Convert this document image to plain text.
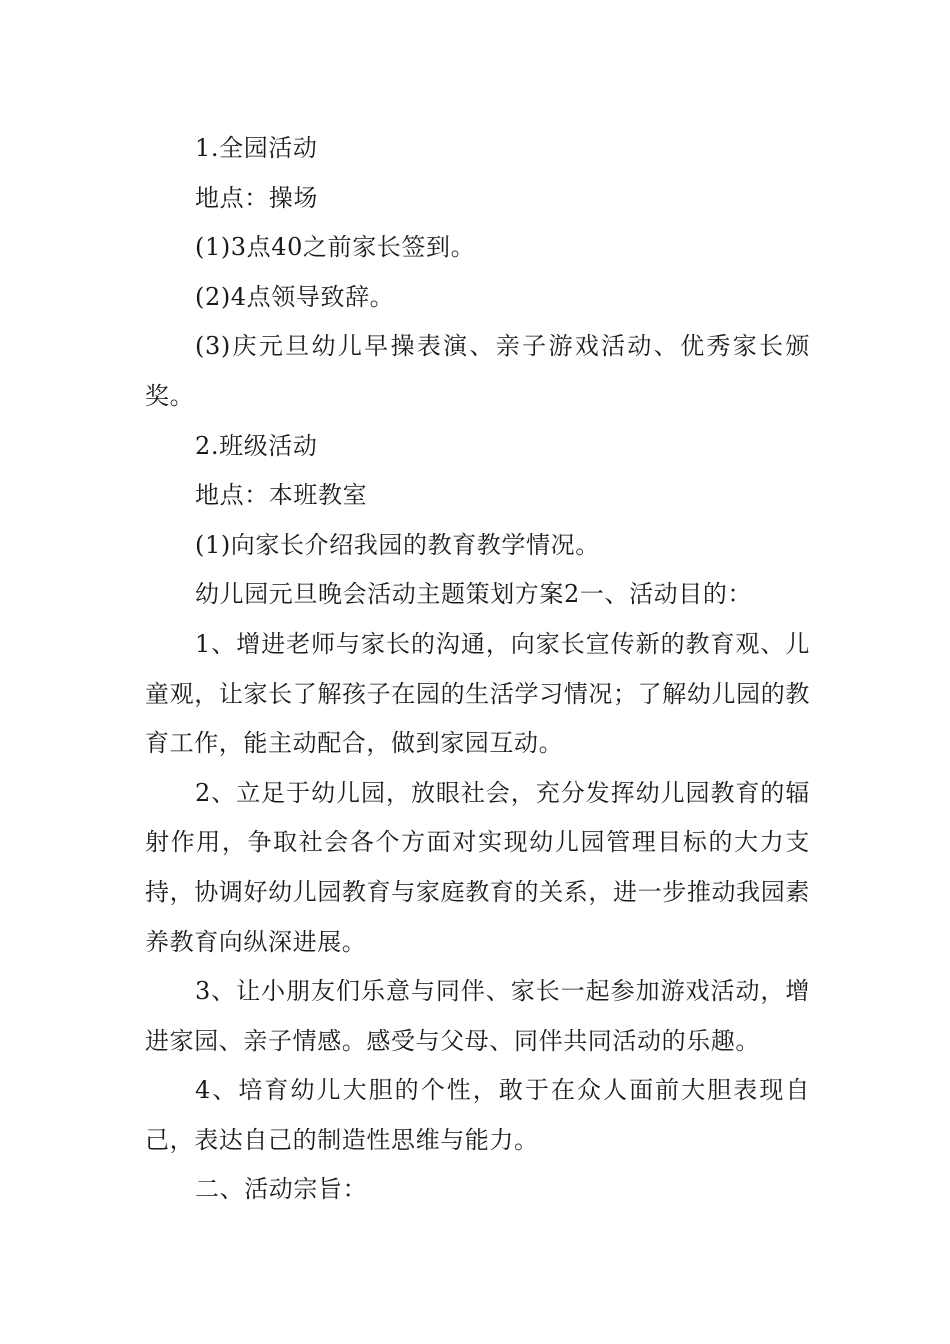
1.全园活动

地点：操场

(1)3点40之前家长签到。

(2)4点领导致辞。

(3)庆元旦幼儿早操表演、亲子游戏活动、优秀家长颁奖。

2.班级活动

地点：本班教室

(1)向家长介绍我园的教育教学情况。

幼儿园元旦晚会活动主题策划方案2一、活动目的：

1、增进老师与家长的沟通，向家长宣传新的教育观、儿童观，让家长了解孩子在园的生活学习情况；了解幼儿园的教育工作，能主动配合，做到家园互动。

2、立足于幼儿园，放眼社会，充分发挥幼儿园教育的辐射作用，争取社会各个方面对实现幼儿园管理目标的大力支持，协调好幼儿园教育与家庭教育的关系，进一步推动我园素养教育向纵深进展。

3、让小朋友们乐意与同伴、家长一起参加游戏活动，增进家园、亲子情感。感受与父母、同伴共同活动的乐趣。

4、培育幼儿大胆的个性，敢于在众人面前大胆表现自己，表达自己的制造性思维与能力。

二、活动宗旨：
